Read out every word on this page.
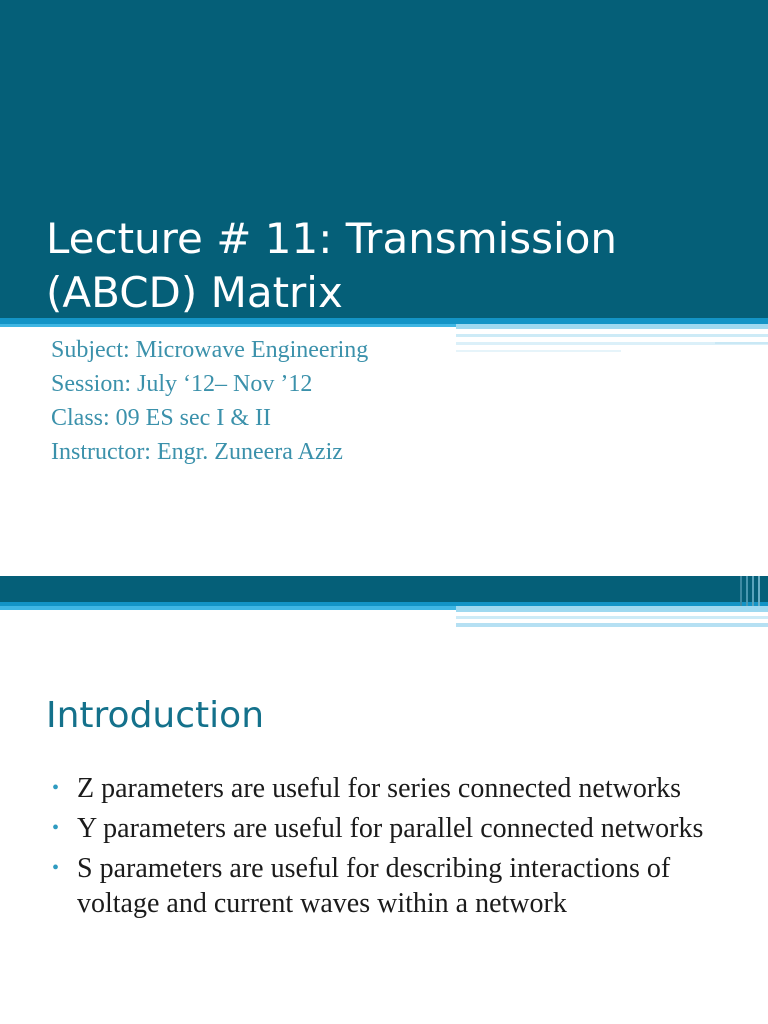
Lecture # 11: Transmission
(ABCD) Matrix
Subject: Microwave Engineering
Session: July ‘12– Nov ’12
Class: 09 ES sec I & II
Instructor: Engr. Zuneera Aziz
Introduction
• Z parameters are useful for series connected networks
• Y parameters are useful for parallel connected networks
• S parameters are useful for describing interactions of voltage and current waves within a network
